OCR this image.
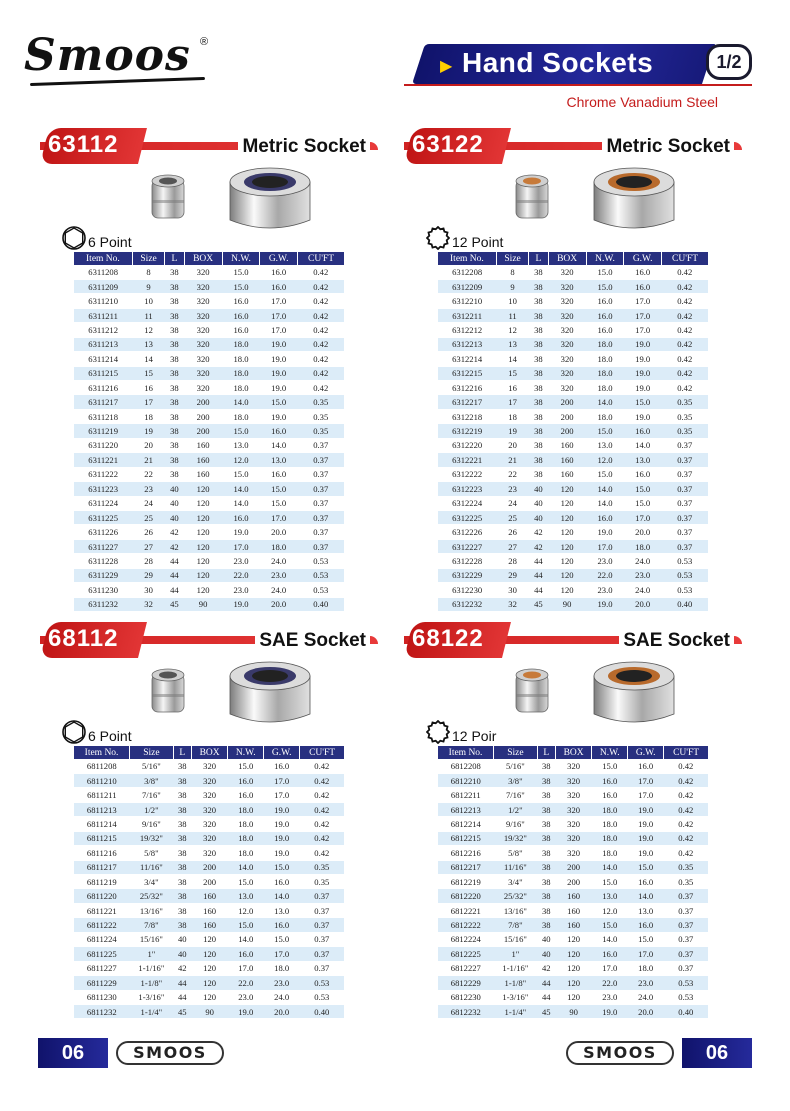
Smoos ®
▶ Hand Sockets	1/2
Chrome Vanadium Steel
63112	Metric Socket
6 Point
Item No.	Size	L	BOX	N.W.	G.W.	CU'FT
6311208	8	38	320	15.0	16.0	0.42
6311209	9	38	320	15.0	16.0	0.42
6311210	10	38	320	16.0	17.0	0.42
6311211	11	38	320	16.0	17.0	0.42
6311212	12	38	320	16.0	17.0	0.42
6311213	13	38	320	18.0	19.0	0.42
6311214	14	38	320	18.0	19.0	0.42
6311215	15	38	320	18.0	19.0	0.42
6311216	16	38	320	18.0	19.0	0.42
6311217	17	38	200	14.0	15.0	0.35
6311218	18	38	200	18.0	19.0	0.35
6311219	19	38	200	15.0	16.0	0.35
6311220	20	38	160	13.0	14.0	0.37
6311221	21	38	160	12.0	13.0	0.37
6311222	22	38	160	15.0	16.0	0.37
6311223	23	40	120	14.0	15.0	0.37
6311224	24	40	120	14.0	15.0	0.37
6311225	25	40	120	16.0	17.0	0.37
6311226	26	42	120	19.0	20.0	0.37
6311227	27	42	120	17.0	18.0	0.37
6311228	28	44	120	23.0	24.0	0.53
6311229	29	44	120	22.0	23.0	0.53
6311230	30	44	120	23.0	24.0	0.53
6311232	32	45	90	19.0	20.0	0.40
63122	Metric Socket
12 Point
Item No.	Size	L	BOX	N.W.	G.W.	CU'FT
6312208	8	38	320	15.0	16.0	0.42
6312209	9	38	320	15.0	16.0	0.42
6312210	10	38	320	16.0	17.0	0.42
6312211	11	38	320	16.0	17.0	0.42
6312212	12	38	320	16.0	17.0	0.42
6312213	13	38	320	18.0	19.0	0.42
6312214	14	38	320	18.0	19.0	0.42
6312215	15	38	320	18.0	19.0	0.42
6312216	16	38	320	18.0	19.0	0.42
6312217	17	38	200	14.0	15.0	0.35
6312218	18	38	200	18.0	19.0	0.35
6312219	19	38	200	15.0	16.0	0.35
6312220	20	38	160	13.0	14.0	0.37
6312221	21	38	160	12.0	13.0	0.37
6312222	22	38	160	15.0	16.0	0.37
6312223	23	40	120	14.0	15.0	0.37
6312224	24	40	120	14.0	15.0	0.37
6312225	25	40	120	16.0	17.0	0.37
6312226	26	42	120	19.0	20.0	0.37
6312227	27	42	120	17.0	18.0	0.37
6312228	28	44	120	23.0	24.0	0.53
6312229	29	44	120	22.0	23.0	0.53
6312230	30	44	120	23.0	24.0	0.53
6312232	32	45	90	19.0	20.0	0.40
68112	SAE Socket
6 Point
Item No.	Size	L	BOX	N.W.	G.W.	CU'FT
6811208	5/16"	38	320	15.0	16.0	0.42
6811210	3/8"	38	320	16.0	17.0	0.42
6811211	7/16"	38	320	16.0	17.0	0.42
6811213	1/2"	38	320	18.0	19.0	0.42
6811214	9/16"	38	320	18.0	19.0	0.42
6811215	19/32"	38	320	18.0	19.0	0.42
6811216	5/8"	38	320	18.0	19.0	0.42
6811217	11/16"	38	200	14.0	15.0	0.35
6811219	3/4"	38	200	15.0	16.0	0.35
6811220	25/32"	38	160	13.0	14.0	0.37
6811221	13/16"	38	160	12.0	13.0	0.37
6811222	7/8"	38	160	15.0	16.0	0.37
6811224	15/16"	40	120	14.0	15.0	0.37
6811225	1"	40	120	16.0	17.0	0.37
6811227	1-1/16"	42	120	17.0	18.0	0.37
6811229	1-1/8"	44	120	22.0	23.0	0.53
6811230	1-3/16"	44	120	23.0	24.0	0.53
6811232	1-1/4"	45	90	19.0	20.0	0.40
68122	SAE Socket
12 Poir
Item No.	Size	L	BOX	N.W.	G.W.	CU'FT
6812208	5/16"	38	320	15.0	16.0	0.42
6812210	3/8"	38	320	16.0	17.0	0.42
6812211	7/16"	38	320	16.0	17.0	0.42
6812213	1/2"	38	320	18.0	19.0	0.42
6812214	9/16"	38	320	18.0	19.0	0.42
6812215	19/32"	38	320	18.0	19.0	0.42
6812216	5/8"	38	320	18.0	19.0	0.42
6812217	11/16"	38	200	14.0	15.0	0.35
6812219	3/4"	38	200	15.0	16.0	0.35
6812220	25/32"	38	160	13.0	14.0	0.37
6812221	13/16"	38	160	12.0	13.0	0.37
6812222	7/8"	38	160	15.0	16.0	0.37
6812224	15/16"	40	120	14.0	15.0	0.37
6812225	1"	40	120	16.0	17.0	0.37
6812227	1-1/16"	42	120	17.0	18.0	0.37
6812229	1-1/8"	44	120	22.0	23.0	0.53
6812230	1-3/16"	44	120	23.0	24.0	0.53
6812232	1-1/4"	45	90	19.0	20.0	0.40
06	SMOOS	SMOOS	06
